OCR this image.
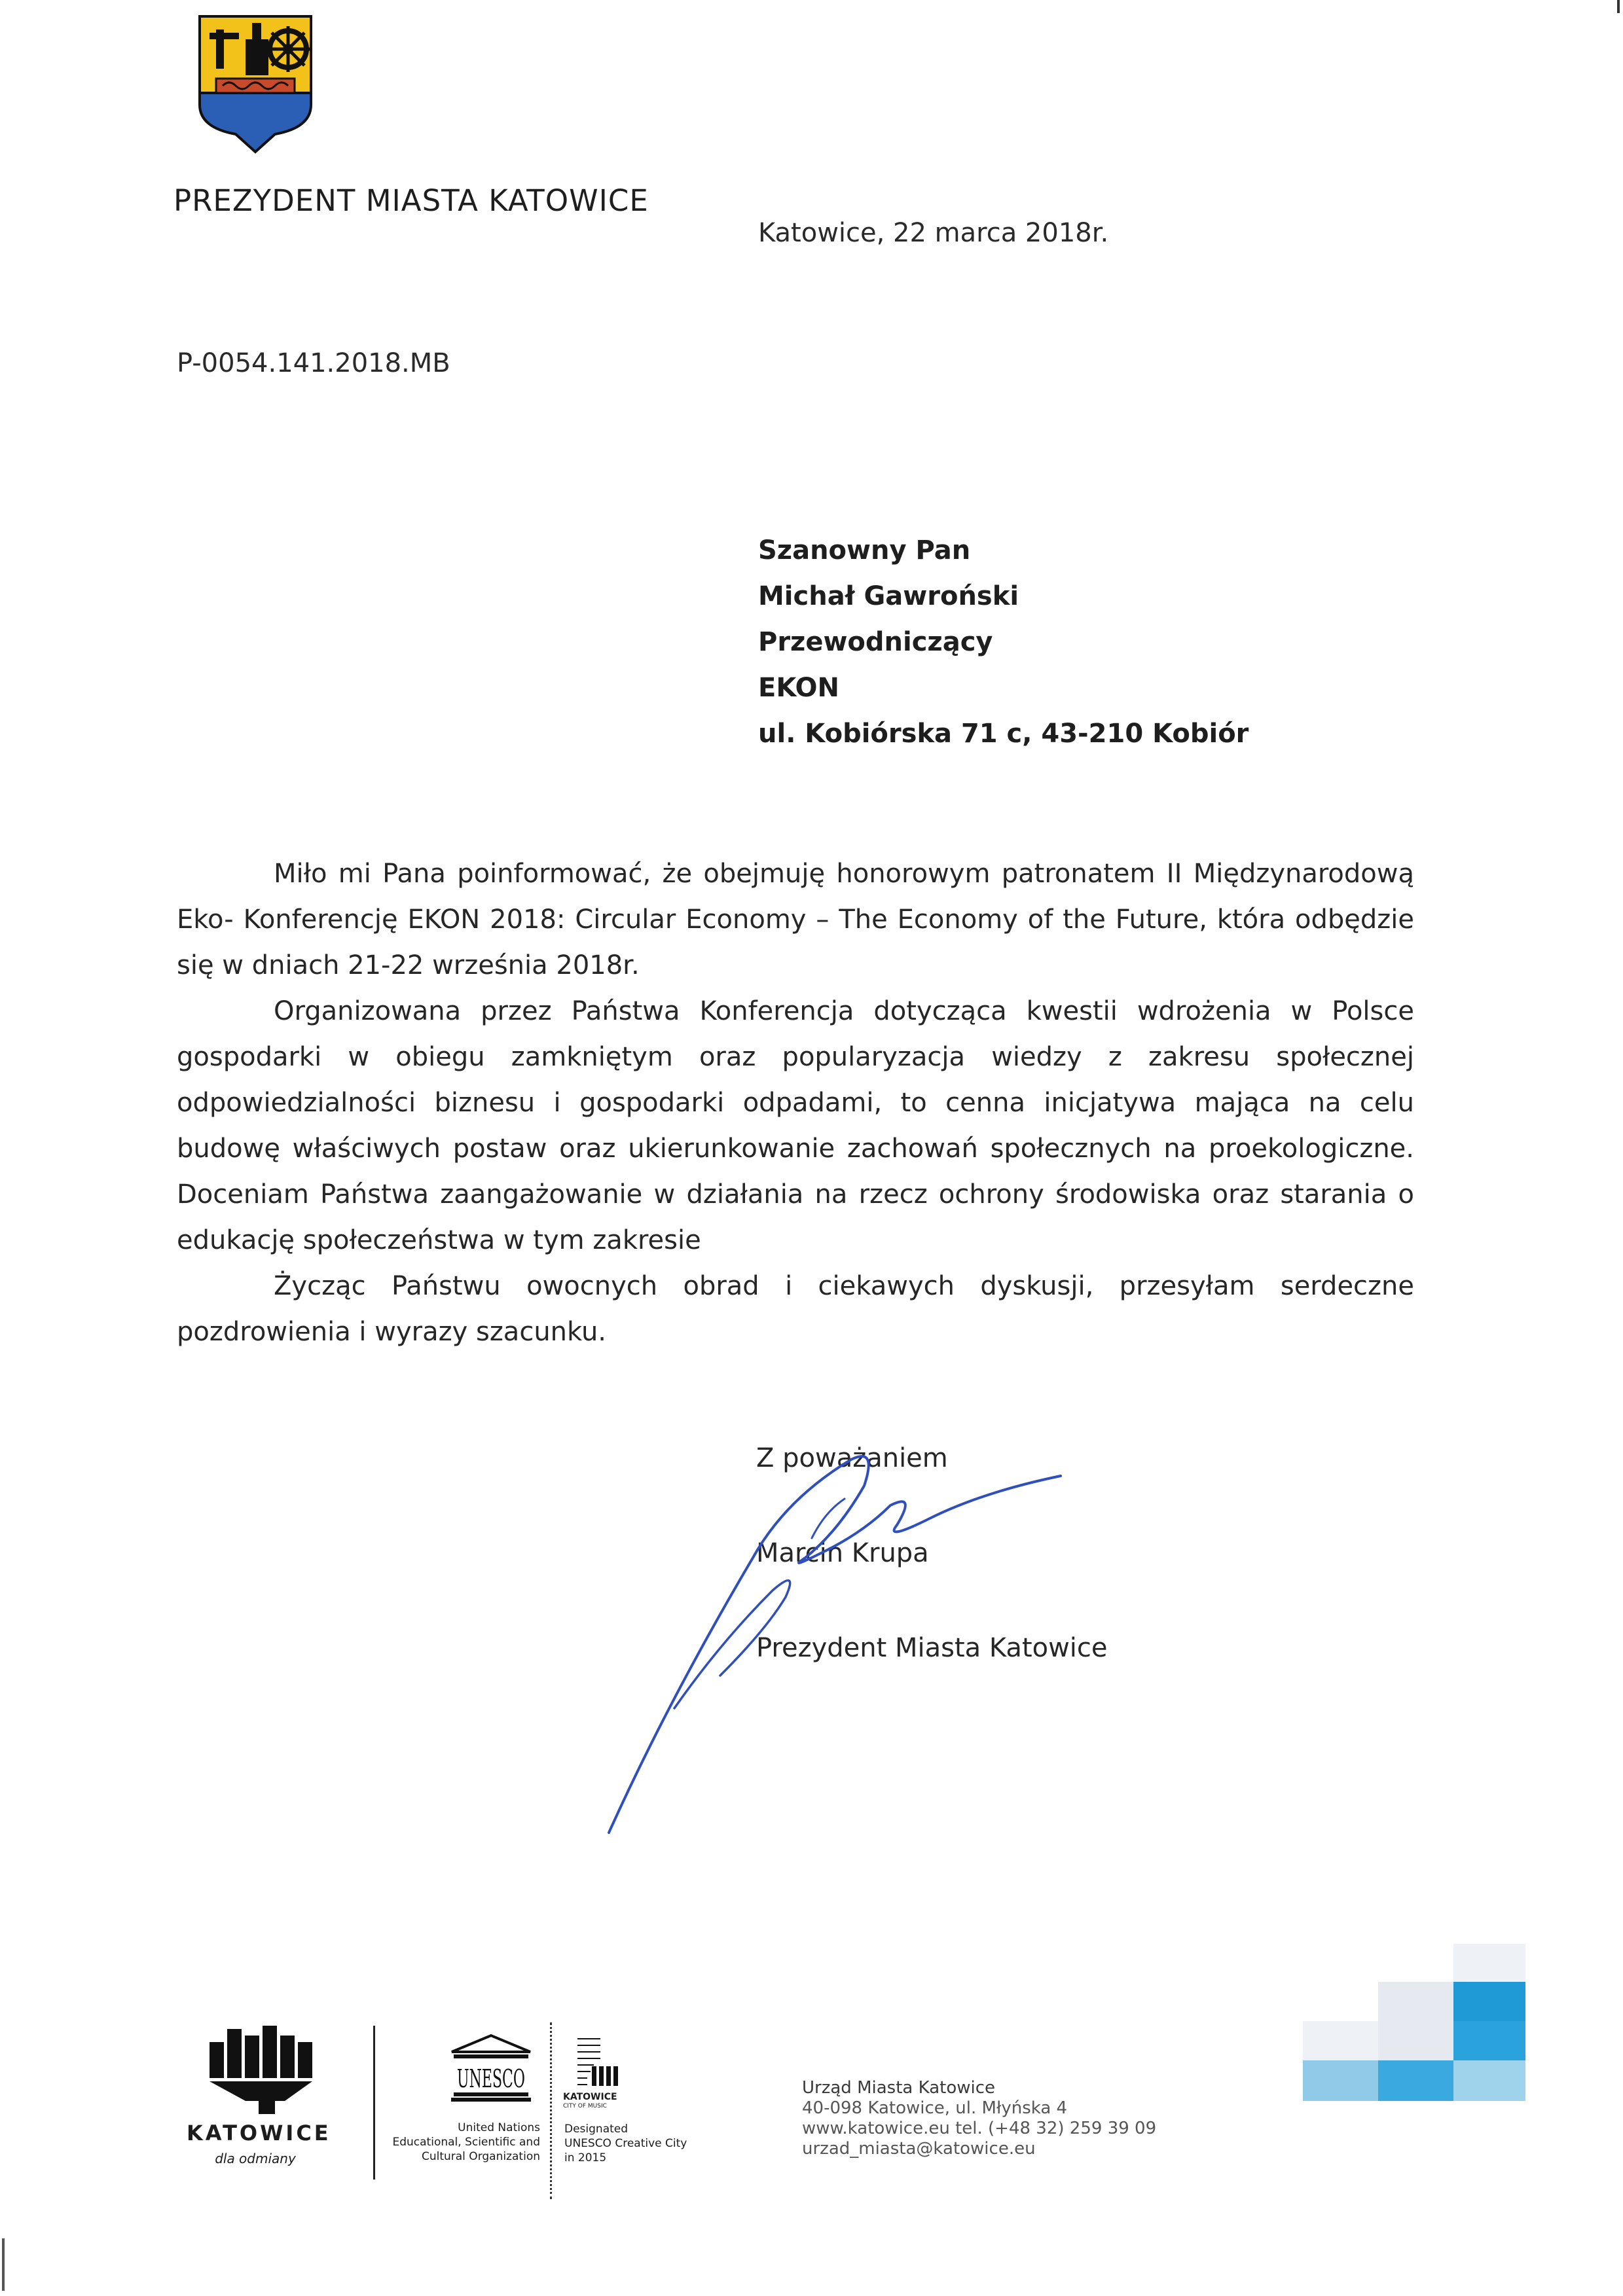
PREZYDENT MIASTA KATOWICE
Katowice, 22 marca 2018r.
P-0054.141.2018.MB
Szanowny Pan
Michał Gawroński
Przewodniczący
EKON
ul. Kobiórska 71 c, 43-210 Kobiór

Miło mi Pana poinformować, że obejmuję honorowym patronatem II Międzynarodową Eko- Konferencję EKON 2018: Circular Economy – The Economy of the Future, która odbędzie się w dniach 21-22 września 2018r.

Organizowana przez Państwa Konferencja dotycząca kwestii wdrożenia w Polsce gospodarki w obiegu zamkniętym oraz popularyzacja wiedzy z zakresu społecznej odpowiedzialności biznesu i gospodarki odpadami, to cenna inicjatywa mająca na celu budowę właściwych postaw oraz ukierunkowanie zachowań społecznych na proekologiczne. Doceniam Państwa zaangażowanie w działania na rzecz ochrony środowiska oraz starania o edukację społeczeństwa w tym zakresie

Życząc Państwu owocnych obrad i ciekawych dyskusji, przesyłam serdeczne pozdrowienia i wyrazy szacunku.

Z poważaniem
Marcin Krupa
Prezydent Miasta Katowice
KATOWICE
dla odmiany
UNESCO
United Nations
Educational, Scientific and
Cultural Organization
KATOWICE
CITY OF MUSIC
Designated
UNESCO Creative City
in 2015
Urząd Miasta Katowice
40-098 Katowice, ul. Młyńska 4
www.katowice.eu tel. (+48 32) 259 39 09
urzad_miasta@katowice.eu
